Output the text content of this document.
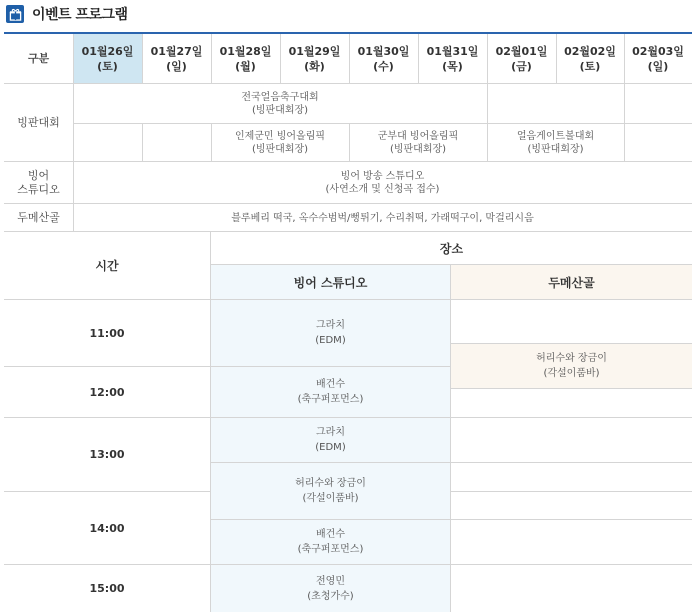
이벤트 프로그램
구분
01월26일
(토)
01월27일
(일)
01월28일
(월)
01월29일
(화)
01월30일
(수)
01월31일
(목)
02월01일
(금)
02월02일
(토)
02월03일
(일)
빙판대회
전국얼음축구대회
(빙판대회장)
인제군민 빙어올림픽
(빙판대회장)
군부대 빙어올림픽
(빙판대회장)
얼음게이트볼대회
(빙판대회장)
빙어
스튜디오
빙어 방송 스튜디오
(사연소개 및 신청곡 접수)
두메산골	블루베리 떡국, 옥수수범벅/뻥튀기, 수리취떡, 가래떡구이, 막걸리시음
시간
장소
빙어 스튜디오	두메산골
11:00
12:00
13:00
14:00
15:00
그라치
(EDM)
배건수
(축구퍼포먼스)
그라치
(EDM)
허리수와 장금이
(각설이품바)
배건수
(축구퍼포먼스)
전영민
(초청가수)
허리수와 장금이
(각설이품바)
